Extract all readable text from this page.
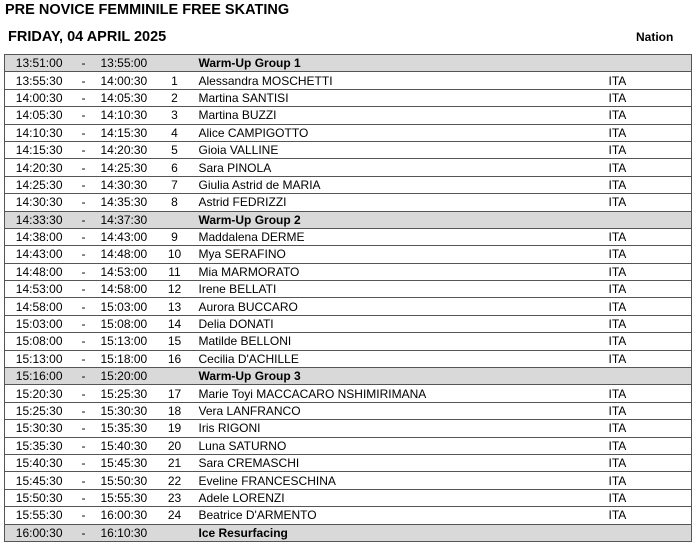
PRE NOVICE FEMMINILE FREE SKATING
FRIDAY, 04 APRIL 2025	Nation
13:51:00	-	13:55:00		Warm-Up Group 1	
13:55:30	-	14:00:30	1	Alessandra MOSCHETTI	ITA
14:00:30	-	14:05:30	2	Martina SANTISI	ITA
14:05:30	-	14:10:30	3	Martina BUZZI	ITA
14:10:30	-	14:15:30	4	Alice CAMPIGOTTO	ITA
14:15:30	-	14:20:30	5	Gioia VALLINE	ITA
14:20:30	-	14:25:30	6	Sara PINOLA	ITA
14:25:30	-	14:30:30	7	Giulia Astrid de MARIA	ITA
14:30:30	-	14:35:30	8	Astrid FEDRIZZI	ITA
14:33:30	-	14:37:30		Warm-Up Group 2	
14:38:00	-	14:43:00	9	Maddalena DERME	ITA
14:43:00	-	14:48:00	10	Mya SERAFINO	ITA
14:48:00	-	14:53:00	11	Mia MARMORATO	ITA
14:53:00	-	14:58:00	12	Irene BELLATI	ITA
14:58:00	-	15:03:00	13	Aurora BUCCARO	ITA
15:03:00	-	15:08:00	14	Delia DONATI	ITA
15:08:00	-	15:13:00	15	Matilde BELLONI	ITA
15:13:00	-	15:18:00	16	Cecilia D'ACHILLE	ITA
15:16:00	-	15:20:00		Warm-Up Group 3	
15:20:30	-	15:25:30	17	Marie Toyi MACCACARO NSHIMIRIMANA	ITA
15:25:30	-	15:30:30	18	Vera LANFRANCO	ITA
15:30:30	-	15:35:30	19	Iris RIGONI	ITA
15:35:30	-	15:40:30	20	Luna SATURNO	ITA
15:40:30	-	15:45:30	21	Sara CREMASCHI	ITA
15:45:30	-	15:50:30	22	Eveline FRANCESCHINA	ITA
15:50:30	-	15:55:30	23	Adele LORENZI	ITA
15:55:30	-	16:00:30	24	Beatrice D'ARMENTO	ITA
16:00:30	-	16:10:30		Ice Resurfacing	
